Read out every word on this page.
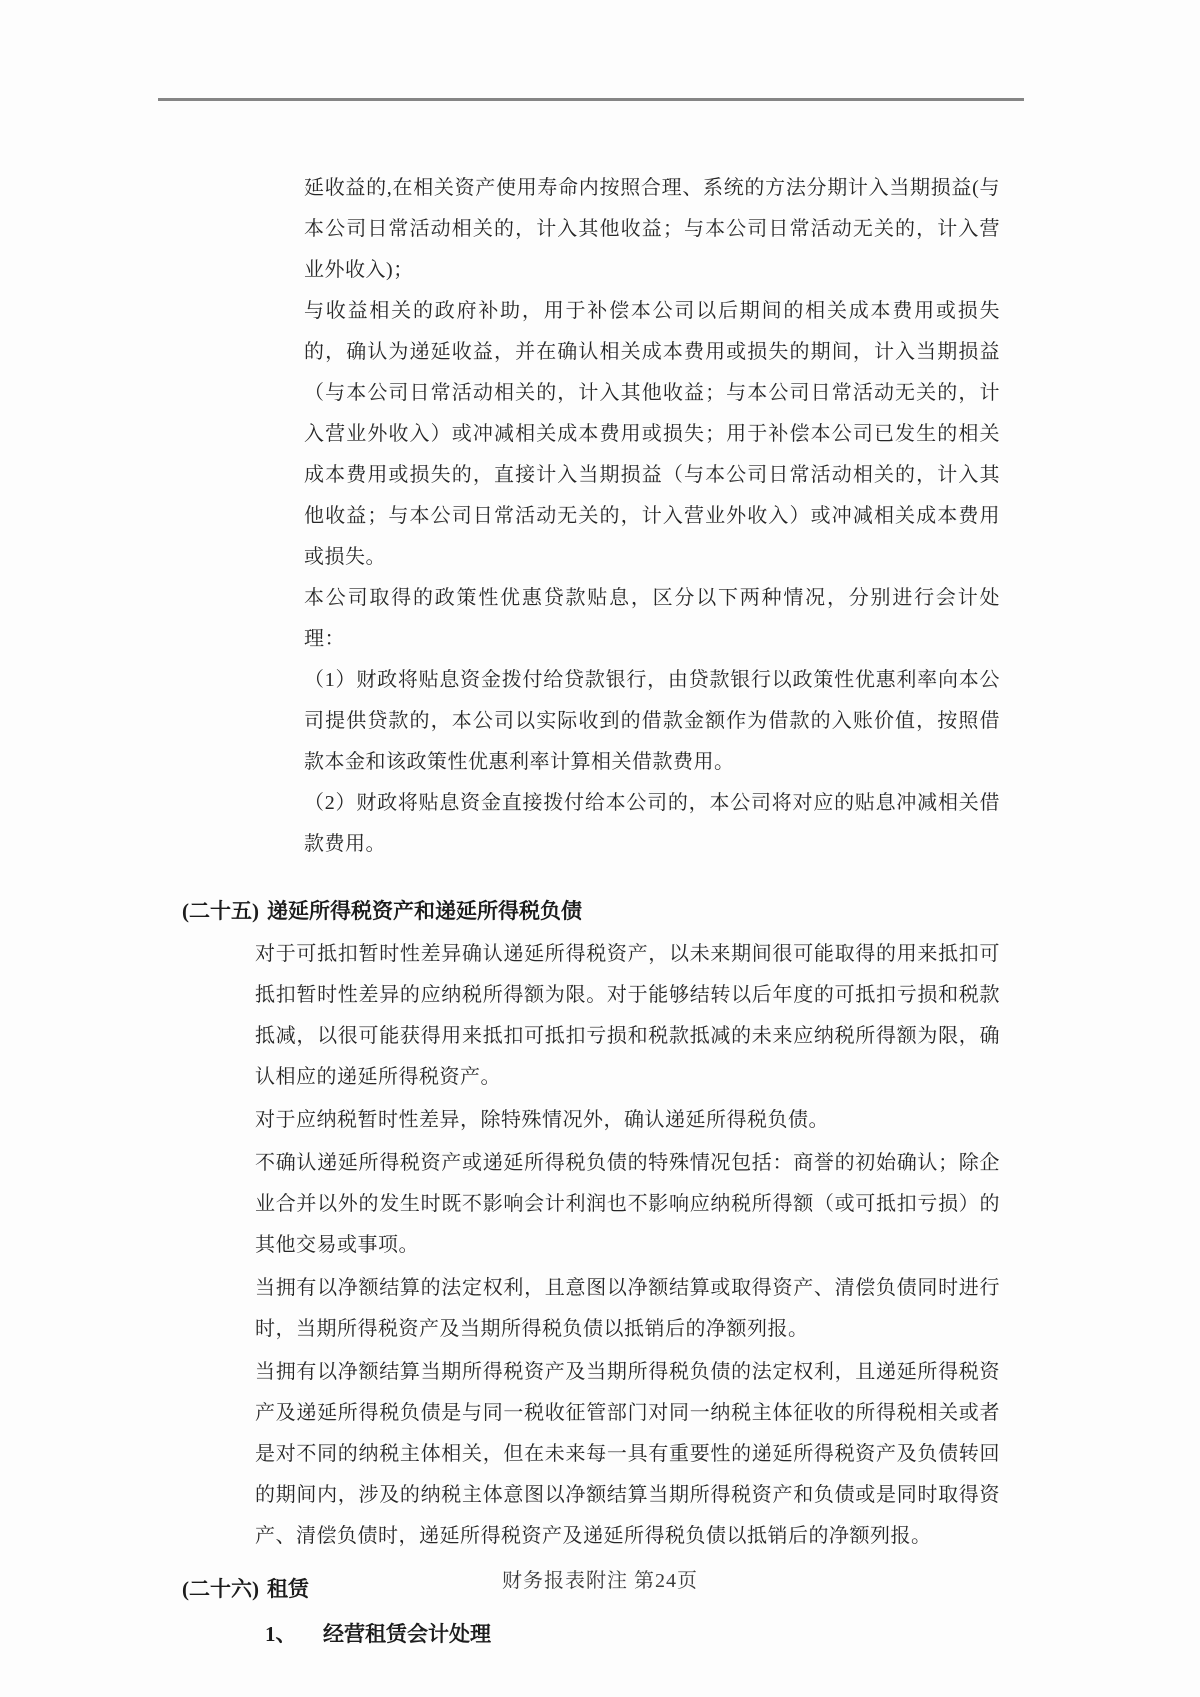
延收益的,在相关资产使用寿命内按照合理、系统的方法分期计入当期损益(与本公司日常活动相关的，计入其他收益；与本公司日常活动无关的，计入营业外收入)；

与收益相关的政府补助，用于补偿本公司以后期间的相关成本费用或损失的，确认为递延收益，并在确认相关成本费用或损失的期间，计入当期损益（与本公司日常活动相关的，计入其他收益；与本公司日常活动无关的，计入营业外收入）或冲减相关成本费用或损失；用于补偿本公司已发生的相关成本费用或损失的，直接计入当期损益（与本公司日常活动相关的，计入其他收益；与本公司日常活动无关的，计入营业外收入）或冲减相关成本费用或损失。

本公司取得的政策性优惠贷款贴息，区分以下两种情况，分别进行会计处理：

（1）财政将贴息资金拨付给贷款银行，由贷款银行以政策性优惠利率向本公司提供贷款的，本公司以实际收到的借款金额作为借款的入账价值，按照借款本金和该政策性优惠利率计算相关借款费用。

（2）财政将贴息资金直接拨付给本公司的，本公司将对应的贴息冲减相关借款费用。

(二十五) 递延所得税资产和递延所得税负债

对于可抵扣暂时性差异确认递延所得税资产，以未来期间很可能取得的用来抵扣可抵扣暂时性差异的应纳税所得额为限。对于能够结转以后年度的可抵扣亏损和税款抵减，以很可能获得用来抵扣可抵扣亏损和税款抵减的未来应纳税所得额为限，确认相应的递延所得税资产。

对于应纳税暂时性差异，除特殊情况外，确认递延所得税负债。

不确认递延所得税资产或递延所得税负债的特殊情况包括：商誉的初始确认；除企业合并以外的发生时既不影响会计利润也不影响应纳税所得额（或可抵扣亏损）的其他交易或事项。

当拥有以净额结算的法定权利，且意图以净额结算或取得资产、清偿负债同时进行时，当期所得税资产及当期所得税负债以抵销后的净额列报。

当拥有以净额结算当期所得税资产及当期所得税负债的法定权利，且递延所得税资产及递延所得税负债是与同一税收征管部门对同一纳税主体征收的所得税相关或者是对不同的纳税主体相关，但在未来每一具有重要性的递延所得税资产及负债转回的期间内，涉及的纳税主体意图以净额结算当期所得税资产和负债或是同时取得资产、清偿负债时，递延所得税资产及递延所得税负债以抵销后的净额列报。

(二十六) 租赁
1、 经营租赁会计处理
财务报表附注 第24页
